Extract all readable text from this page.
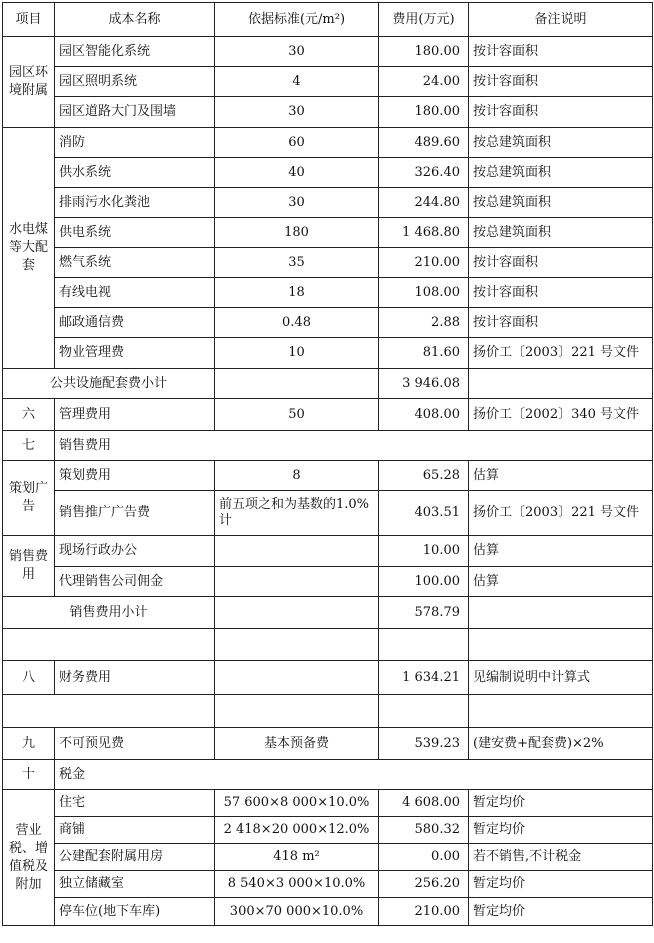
项目	成本名称	依据标准(元/m²)	费用(万元)	备注说明
园区环境附属	园区智能化系统	30	180.00	按计容面积
	园区照明系统	4	24.00	按计容面积
	园区道路大门及围墙	30	180.00	按计容面积
水电煤等大配套	消防	60	489.60	按总建筑面积
	供水系统	40	326.40	按总建筑面积
	排雨污水化粪池	30	244.80	按总建筑面积
	供电系统	180	1 468.80	按总建筑面积
	燃气系统	35	210.00	按计容面积
	有线电视	18	108.00	按计容面积
	邮政通信费	0.48	2.88	按计容面积
	物业管理费	10	81.60	扬价工〔2003〕221 号文件
公共设施配套费小计			3 946.08	
六	管理费用	50	408.00	扬价工〔2002〕340 号文件
七	销售费用			
策划广告	策划费用	8	65.28	估算
	销售推广广告费	前五项之和为基数的1.0%计	403.51	扬价工〔2003〕221 号文件
销售费用	现场行政办公		10.00	估算
	代理销售公司佣金		100.00	估算
销售费用小计			578.79	

八	财务费用		1 634.21	见编制说明中计算式

九	不可预见费	基本预备费	539.23	(建安费+配套费)×2%
十	税金			
营业税、增值税及附加	住宅	57 600×8 000×10.0%	4 608.00	暂定均价
	商铺	2 418×20 000×12.0%	580.32	暂定均价
	公建配套附属用房	418 m²	0.00	若不销售,不计税金
	独立储藏室	8 540×3 000×10.0%	256.20	暂定均价
	停车位(地下车库)	300×70 000×10.0%	210.00	暂定均价
